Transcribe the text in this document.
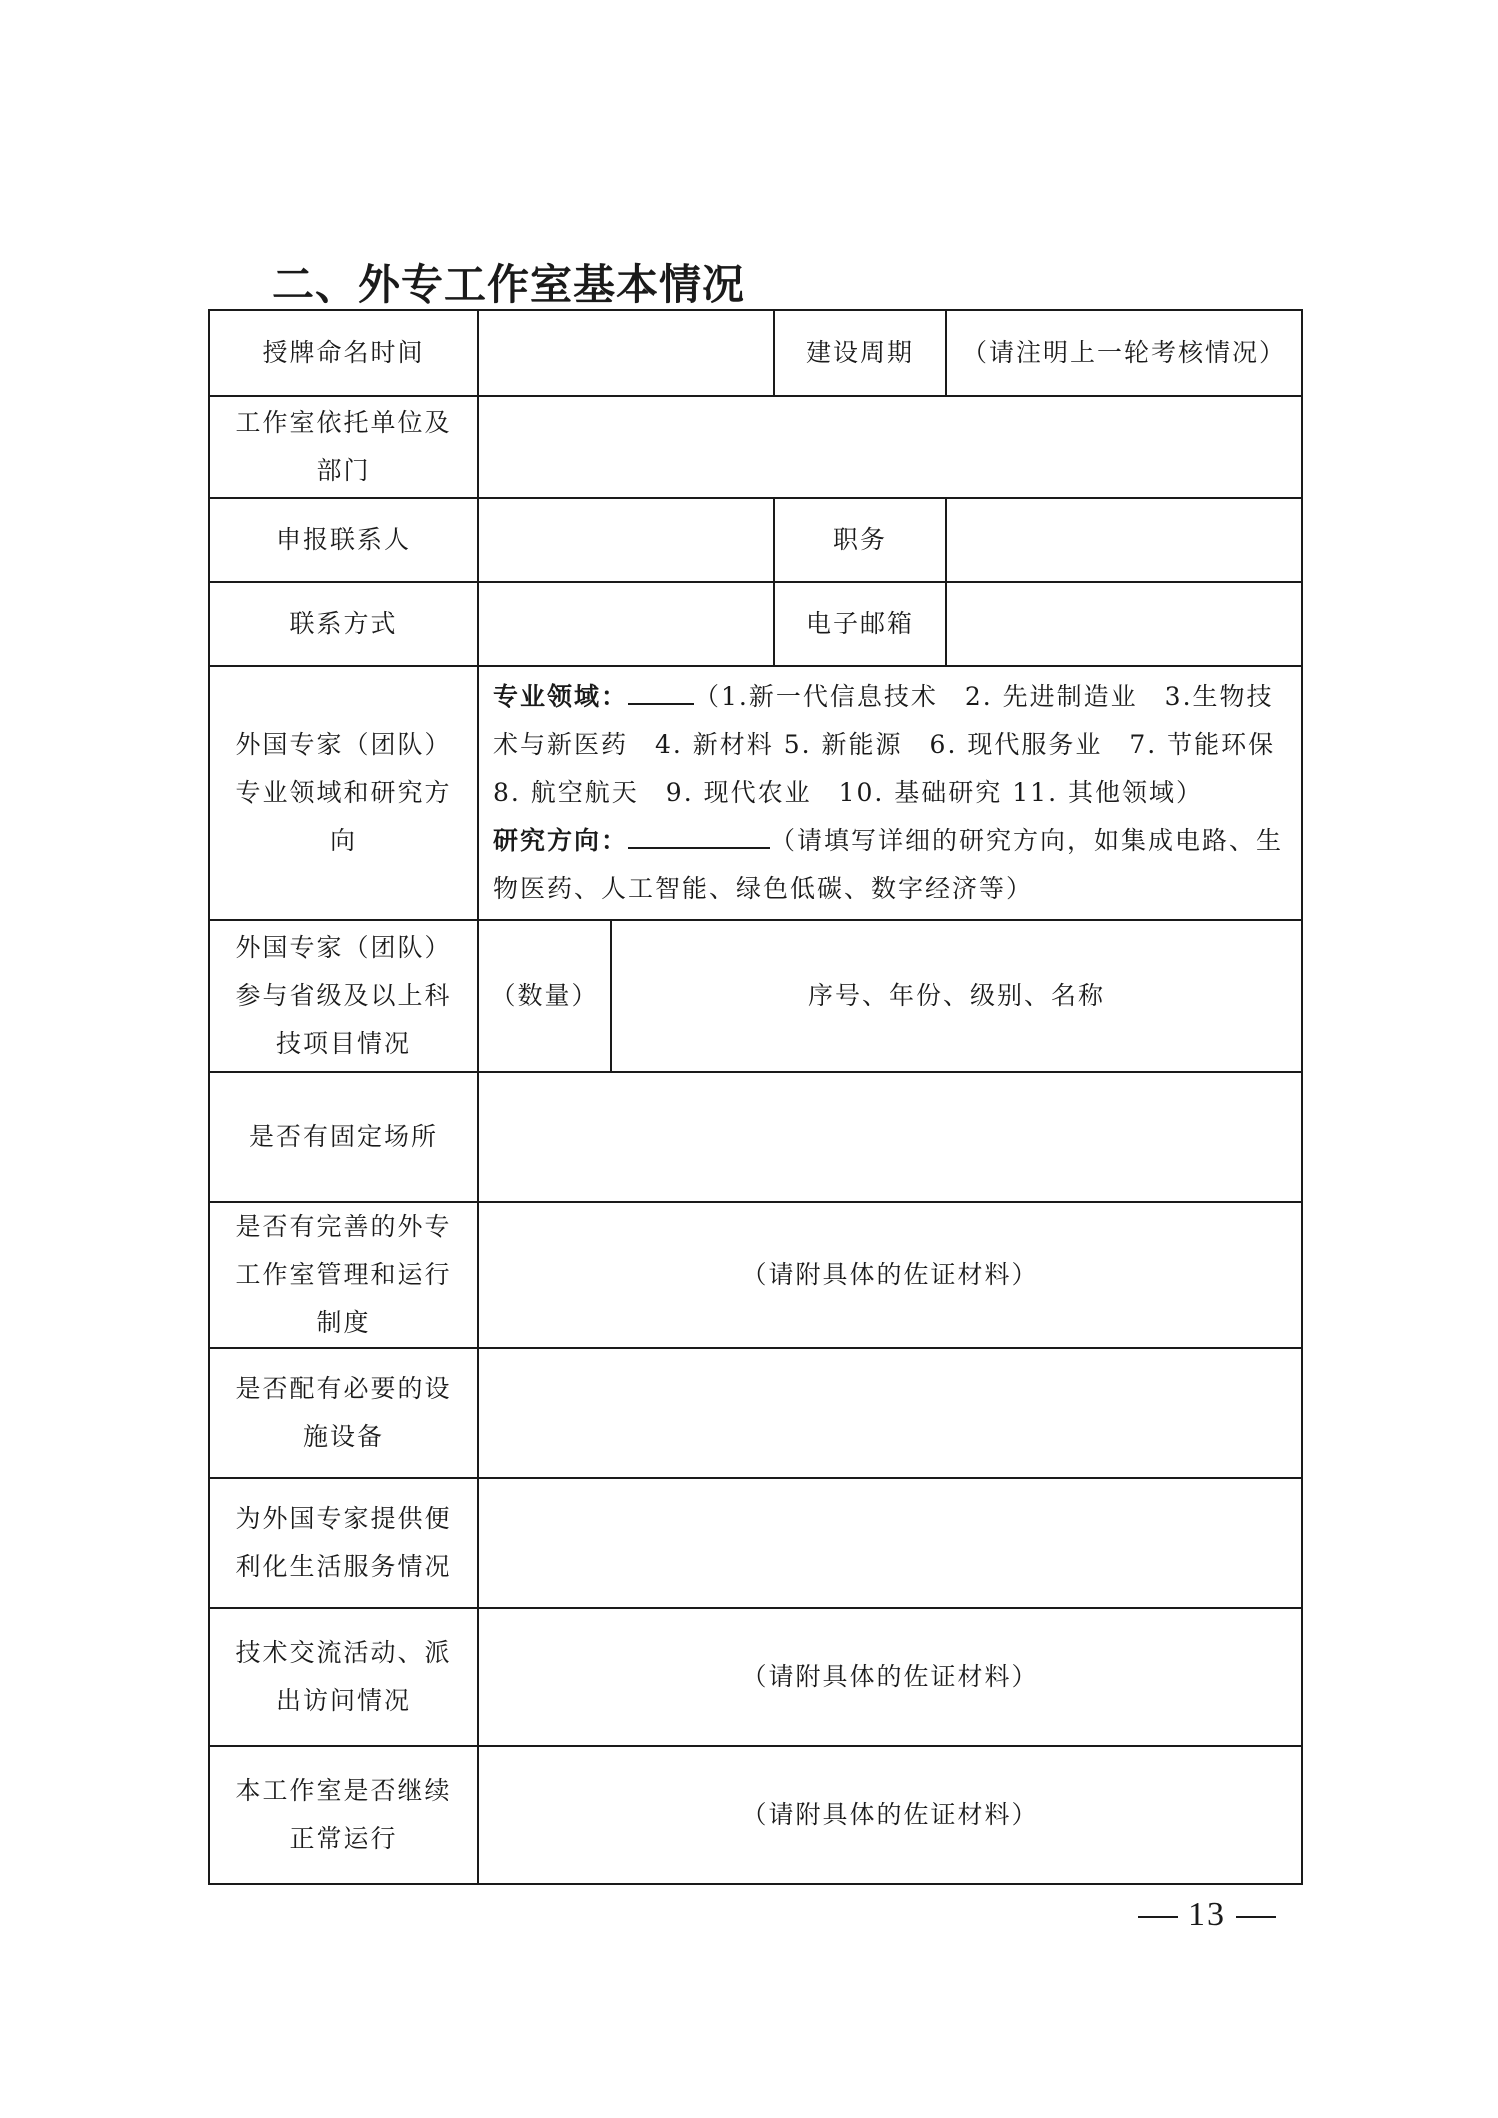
二、外专工作室基本情况
授牌命名时间			建设周期	（请注明上一轮考核情况）
工作室依托单位及部门				
申报联系人			职务	
联系方式			电子邮箱	
外国专家（团队）专业领域和研究方向	专业领域： （1.新一代信息技术　2. 先进制造业　3.生物技术与新医药　4. 新材料 5. 新能源　6. 现代服务业　7. 节能环保　8. 航空航天　9. 现代农业　10. 基础研究 11. 其他领域）
研究方向： （请填写详细的研究方向，如集成电路、生物医药、人工智能、绿色低碳、数字经济等）			
外国专家（团队）参与省级及以上科技项目情况	（数量）	序号、年份、级别、名称		
是否有固定场所				
是否有完善的外专工作室管理和运行制度	（请附具体的佐证材料）			
是否配有必要的设施设备				
为外国专家提供便利化生活服务情况				
技术交流活动、派出访问情况	（请附具体的佐证材料）			
本工作室是否继续正常运行	（请附具体的佐证材料）			
13
